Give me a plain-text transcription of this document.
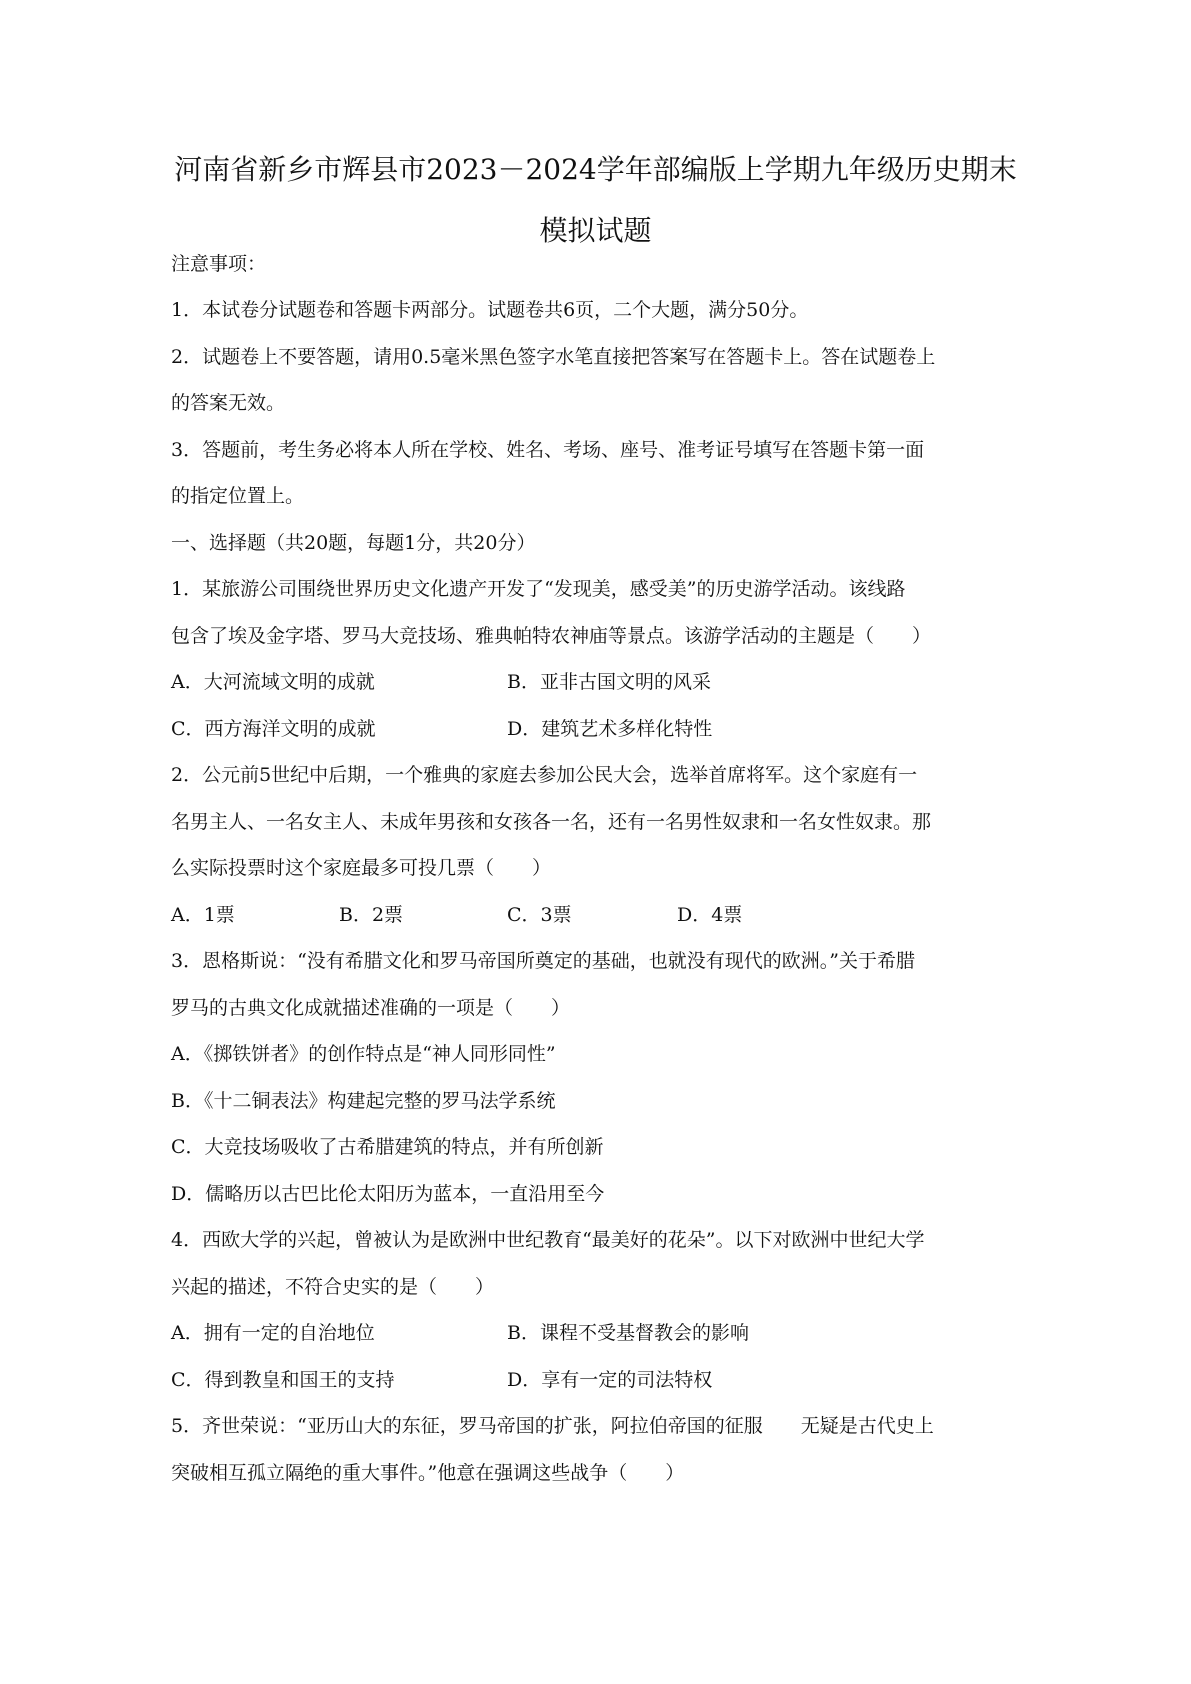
河南省新乡市辉县市2023－2024学年部编版上学期九年级历史期末
模拟试题
注意事项：
1．本试卷分试题卷和答题卡两部分。试题卷共6页，二个大题，满分50分。
2．试题卷上不要答题，请用0.5毫米黑色签字水笔直接把答案写在答题卡上。答在试题卷上
的答案无效。
3．答题前，考生务必将本人所在学校、姓名、考场、座号、准考证号填写在答题卡第一面
的指定位置上。
一、选择题（共20题，每题1分，共20分）
1．某旅游公司围绕世界历史文化遗产开发了“发现美，感受美”的历史游学活动。该线路
包含了埃及金字塔、罗马大竞技场、雅典帕特农神庙等景点。该游学活动的主题是（　　）
A．大河流域文明的成就	B．亚非古国文明的风采
C．西方海洋文明的成就	D．建筑艺术多样化特性
2．公元前5世纪中后期，一个雅典的家庭去参加公民大会，选举首席将军。这个家庭有一
名男主人、一名女主人、未成年男孩和女孩各一名，还有一名男性奴隶和一名女性奴隶。那
么实际投票时这个家庭最多可投几票（　　）
A．1票	B．2票	C．3票	D．4票
3．恩格斯说：“没有希腊文化和罗马帝国所奠定的基础，也就没有现代的欧洲。”关于希腊
罗马的古典文化成就描述准确的一项是（　　）
A．《掷铁饼者》的创作特点是“神人同形同性”
B．《十二铜表法》构建起完整的罗马法学系统
C．大竞技场吸收了古希腊建筑的特点，并有所创新
D．儒略历以古巴比伦太阳历为蓝本，一直沿用至今
4．西欧大学的兴起，曾被认为是欧洲中世纪教育“最美好的花朵”。以下对欧洲中世纪大学
兴起的描述，不符合史实的是（　　）
A．拥有一定的自治地位	B．课程不受基督教会的影响
C．得到教皇和国王的支持	D．享有一定的司法特权
5．齐世荣说：“亚历山大的东征，罗马帝国的扩张，阿拉伯帝国的征服　　无疑是古代史上
突破相互孤立隔绝的重大事件。”他意在强调这些战争（　　）
